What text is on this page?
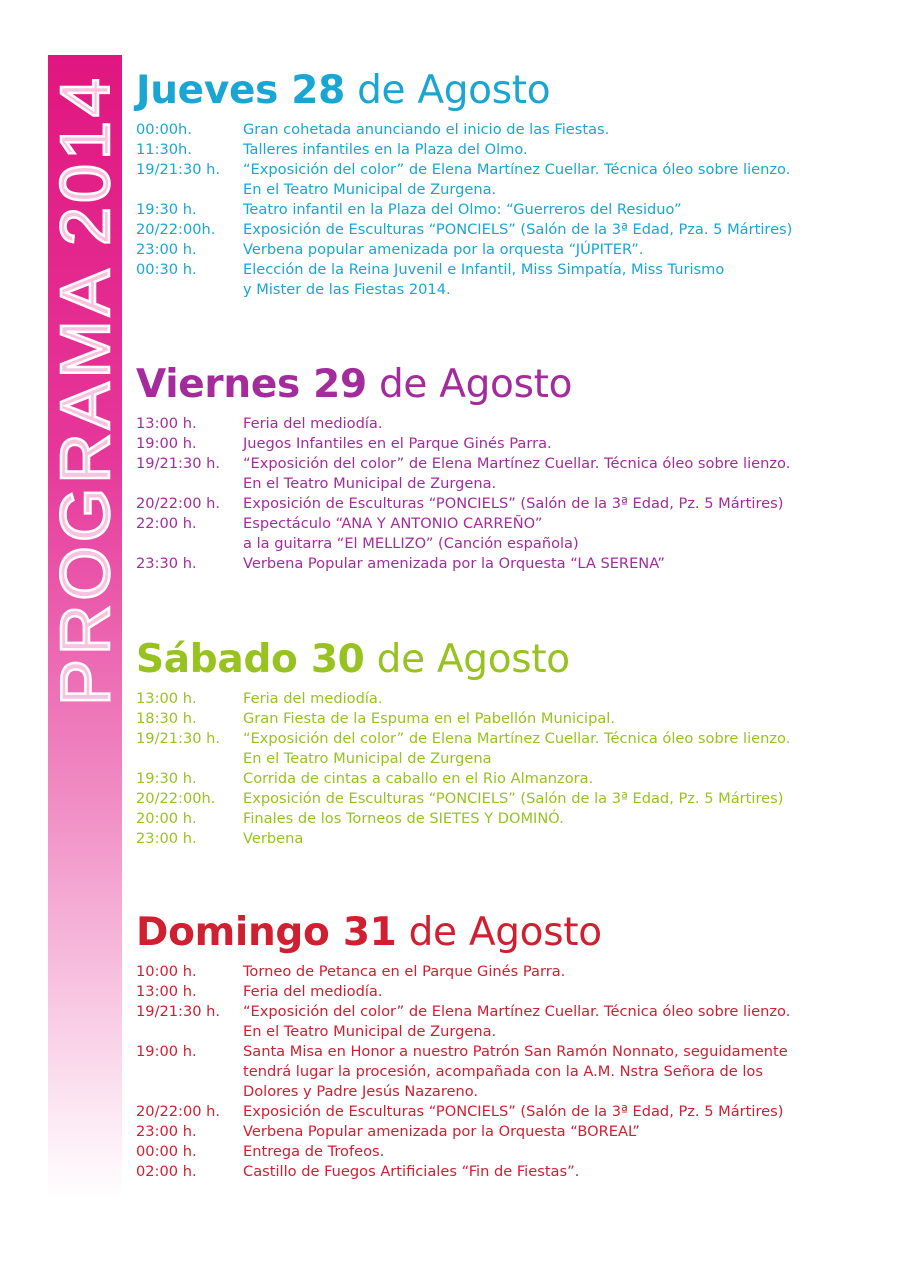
PROGRAMA 2014 Jueves 28 de Agosto
00:00h.	Gran cohetada anunciando el inicio de las Fiestas.
11:30h.	Talleres infantiles en la Plaza del Olmo.
19/21:30 h.	“Exposición del color” de Elena Martínez Cuellar. Técnica óleo sobre lienzo.
En el Teatro Municipal de Zurgena.
19:30 h.	Teatro infantil en la Plaza del Olmo: “Guerreros del Residuo”
20/22:00h.	Exposición de Esculturas “PONCIELS” (Salón de la 3ª Edad, Pza. 5 Mártires)
23:00 h.	Verbena popular amenizada por la orquesta “JÚPITER”.
00:30 h.	Elección de la Reina Juvenil e Infantil, Miss Simpatía, Miss Turismo
y Mister de las Fiestas 2014.
Viernes 29 de Agosto
13:00 h.	Feria del mediodía.
19:00 h.	Juegos Infantiles en el Parque Ginés Parra.
19/21:30 h.	“Exposición del color” de Elena Martínez Cuellar. Técnica óleo sobre lienzo.
En el Teatro Municipal de Zurgena.
20/22:00 h.	Exposición de Esculturas “PONCIELS” (Salón de la 3ª Edad, Pz. 5 Mártires)
22:00 h.	Espectáculo “ANA Y ANTONIO CARREÑO”
a la guitarra “El MELLIZO” (Canción española)
23:30 h.	Verbena Popular amenizada por la Orquesta “LA SERENA”
Sábado 30 de Agosto
13:00 h.	Feria del mediodía.
18:30 h.	Gran Fiesta de la Espuma en el Pabellón Municipal.
19/21:30 h.	“Exposición del color” de Elena Martínez Cuellar. Técnica óleo sobre lienzo.
En el Teatro Municipal de Zurgena
19:30 h.	Corrida de cintas a caballo en el Rio Almanzora.
20/22:00h.	Exposición de Esculturas “PONCIELS” (Salón de la 3ª Edad, Pz. 5 Mártires)
20:00 h.	Finales de los Torneos de SIETES Y DOMINÓ.
23:00 h.	Verbena
Domingo 31 de Agosto
10:00 h.	Torneo de Petanca en el Parque Ginés Parra.
13:00 h.	Feria del mediodía.
19/21:30 h.	“Exposición del color” de Elena Martínez Cuellar. Técnica óleo sobre lienzo.
En el Teatro Municipal de Zurgena.
19:00 h.	Santa Misa en Honor a nuestro Patrón San Ramón Nonnato, seguidamente
tendrá lugar la procesión, acompañada con la A.M. Nstra Señora de los
Dolores y Padre Jesús Nazareno.
20/22:00 h.	Exposición de Esculturas “PONCIELS” (Salón de la 3ª Edad, Pz. 5 Mártires)
23:00 h.	Verbena Popular amenizada por la Orquesta “BOREAL”
00:00 h.	Entrega de Trofeos.
02:00 h.	Castillo de Fuegos Artificiales “Fin de Fiestas”.
